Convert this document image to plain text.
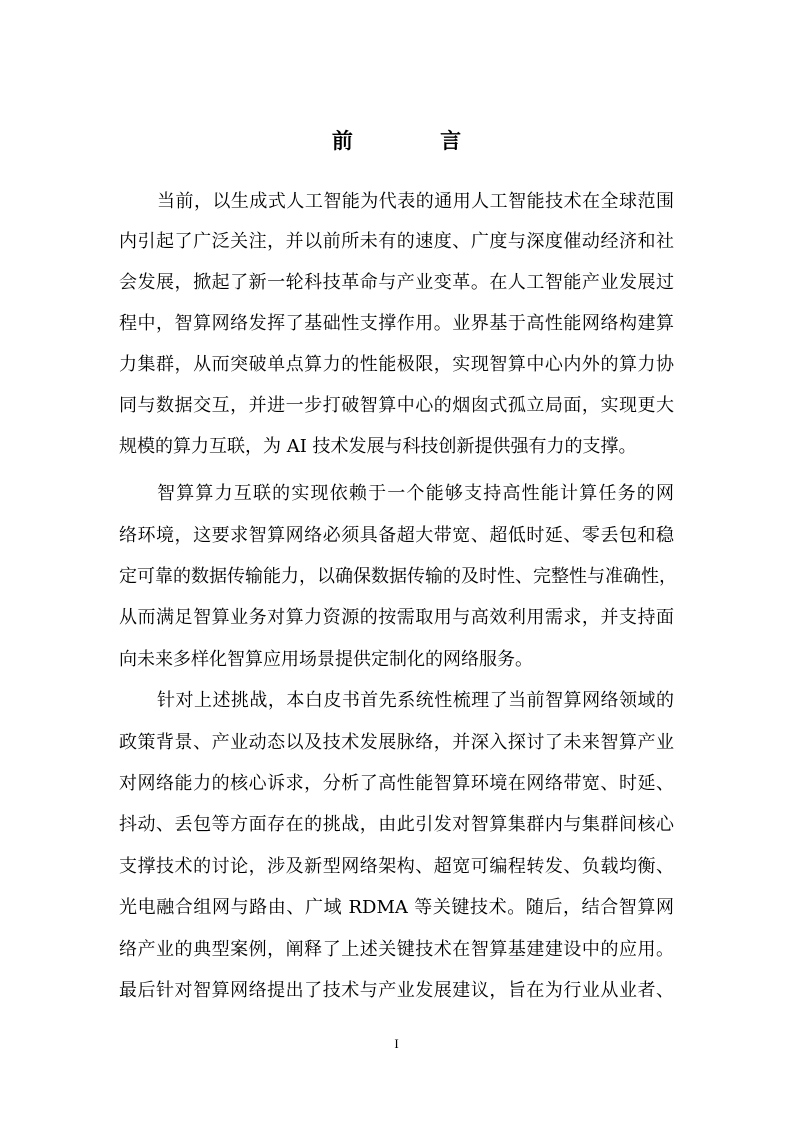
前 言
当前，以生成式人工智能为代表的通用人工智能技术在全球范围
内引起了广泛关注，并以前所未有的速度、广度与深度催动经济和社
会发展，掀起了新一轮科技革命与产业变革。在人工智能产业发展过
程中，智算网络发挥了基础性支撑作用。业界基于高性能网络构建算
力集群，从而突破单点算力的性能极限，实现智算中心内外的算力协
同与数据交互，并进一步打破智算中心的烟囱式孤立局面，实现更大
规模的算力互联，为 AI 技术发展与科技创新提供强有力的支撑。
智算算力互联的实现依赖于一个能够支持高性能计算任务的网
络环境，这要求智算网络必须具备超大带宽、超低时延、零丢包和稳
定可靠的数据传输能力，以确保数据传输的及时性、完整性与准确性，
从而满足智算业务对算力资源的按需取用与高效利用需求，并支持面
向未来多样化智算应用场景提供定制化的网络服务。
针对上述挑战，本白皮书首先系统性梳理了当前智算网络领域的
政策背景、产业动态以及技术发展脉络，并深入探讨了未来智算产业
对网络能力的核心诉求，分析了高性能智算环境在网络带宽、时延、
抖动、丢包等方面存在的挑战，由此引发对智算集群内与集群间核心
支撑技术的讨论，涉及新型网络架构、超宽可编程转发、负载均衡、
光电融合组网与路由、广域 RDMA 等关键技术。随后，结合智算网
络产业的典型案例，阐释了上述关键技术在智算基建建设中的应用。
最后针对智算网络提出了技术与产业发展建议，旨在为行业从业者、
I
